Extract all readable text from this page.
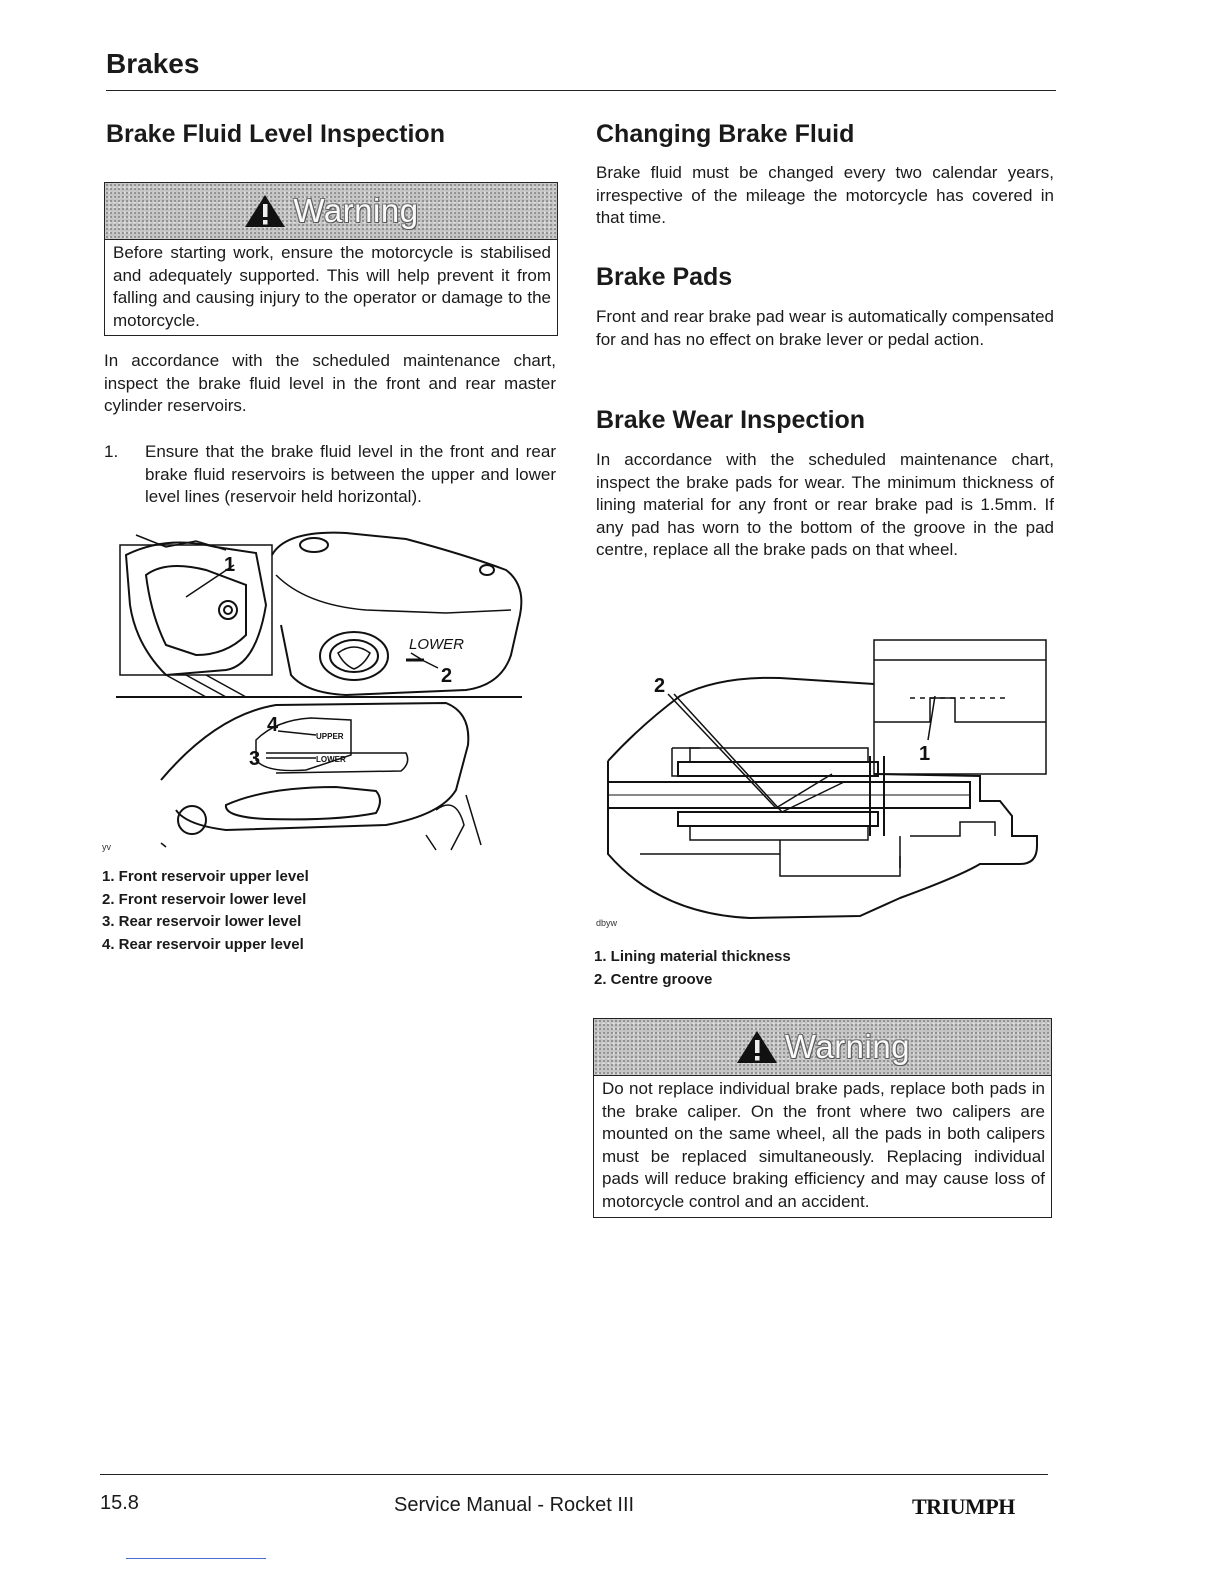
Brakes
Brake Fluid Level Inspection
Warning

Before starting work, ensure the motorcycle is stabilised and adequately supported. This will help prevent it from falling and causing injury to the operator or damage to the motorcycle.

In accordance with the scheduled maintenance chart, inspect the brake fluid level in the front and rear master cylinder reservoirs.

1. Ensure that the brake fluid level in the front and rear brake fluid reservoirs is between the upper and lower level lines (reservoir held horizontal).
1
2
LOWER
4
3
UPPER
LOWER
yv
1. Front reservoir upper level
2. Front reservoir lower level
3. Rear reservoir lower level
4. Rear reservoir upper level
Changing Brake Fluid

Brake fluid must be changed every two calendar years, irrespective of the mileage the motorcycle has covered in that time.

Brake Pads

Front and rear brake pad wear is automatically compensated for and has no effect on brake lever or pedal action.

Brake Wear Inspection

In accordance with the scheduled maintenance chart, inspect the brake pads for wear. The minimum thickness of lining material for any front or rear brake pad is 1.5mm. If any pad has worn to the bottom of the groove in the pad centre, replace all the brake pads on that wheel.

2
1
dbyw
1. Lining material thickness
2. Centre groove
Warning

Do not replace individual brake pads, replace both pads in the brake caliper. On the front where two calipers are mounted on the same wheel, all the pads in both calipers must be replaced simultaneously. Replacing individual pads will reduce braking efficiency and may cause loss of motorcycle control and an accident.

15.8	Service Manual - Rocket III	TRIUMPH
